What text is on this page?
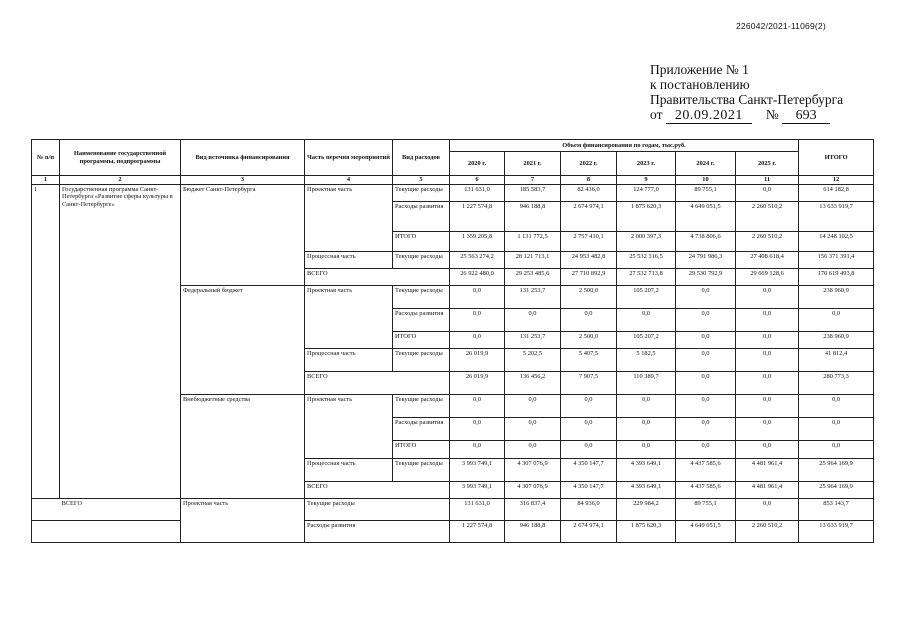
226042/2021-11069(2)
Приложение № 1
к постановлению
Правительства Санкт-Петербурга
от 20.09.2021 № 693
№ п/п	Наименование государственной программы, подпрограммы	Вид источника финансирования	Часть перечня мероприятий	Вид расходов	Объем финансирования по годам, тыс.руб.						ИТОГО
					2020 г.	2021 г.	2022 г.	2023 г.	2024 г.	2025 г.	
1	2	3	4	5	6	7	8	9	10	11	12
1	Государственная программа Санкт-Петербурга «Развитие сферы культуры в Санкт-Петербурге»	Бюджет Санкт-Петербурга	Проектная часть	Текущие расходы	131 631,0	185 583,7	82 436,0	124 777,0	89 755,1	0,0	614 182,8
				Расходы развития	1 227 574,8	946 188,8	2 674 974,1	1 875 620,3	4 649 051,5	2 260 510,2	13 633 919,7
				ИТОГО	1 359 205,8	1 131 772,5	2 757 410,1	2 000 397,3	4 738 806,6	2 260 510,2	14 248 102,5
			Процессная часть	Текущие расходы	25 563 274,2	28 121 713,1	24 953 482,8	25 532 316,5	24 791 986,3	27 408 618,4	156 371 391,4
			ВСЕГО		26 922 480,0	29 253 485,6	27 710 892,9	27 532 713,8	29 530 792,9	29 669 128,6	170 619 493,8
		Федеральный бюджет	Проектная часть	Текущие расходы	0,0	131 253,7	2 500,0	105 207,2	0,0	0,0	238 960,9
				Расходы развития	0,0	0,0	0,0	0,0	0,0	0,0	0,0
				ИТОГО	0,0	131 253,7	2 500,0	105 207,2	0,0	0,0	238 960,9
			Процессная часть	Текущие расходы	26 019,9	5 202,5	5 407,5	5 182,5	0,0	0,0	41 812,4
			ВСЕГО		26 019,9	136 456,2	7 907,5	110 389,7	0,0	0,0	280 773,3
		Внебюджетные средства	Проектная часть	Текущие расходы	0,0	0,0	0,0	0,0	0,0	0,0	0,0
				Расходы развития	0,0	0,0	0,0	0,0	0,0	0,0	0,0
				ИТОГО	0,0	0,0	0,0	0,0	0,0	0,0	0,0
			Процессная часть	Текущие расходы	3 993 749,1	4 307 076,9	4 350 147,7	4 393 649,1	4 437 585,6	4 481 961,4	25 964 169,9
			ВСЕГО		3 993 749,1	4 307 076,9	4 350 147,7	4 393 649,1	4 437 585,6	4 481 961,4	25 964 169,9
	ВСЕГО	Проектная часть	Текущие расходы		131 631,0	316 837,4	84 936,0	229 984,2	89 755,1	0,0	853 143,7
			Расходы развития		1 227 574,8	946 188,8	2 674 974,1	1 875 620,3	4 649 051,5	2 260 510,2	13 633 919,7
